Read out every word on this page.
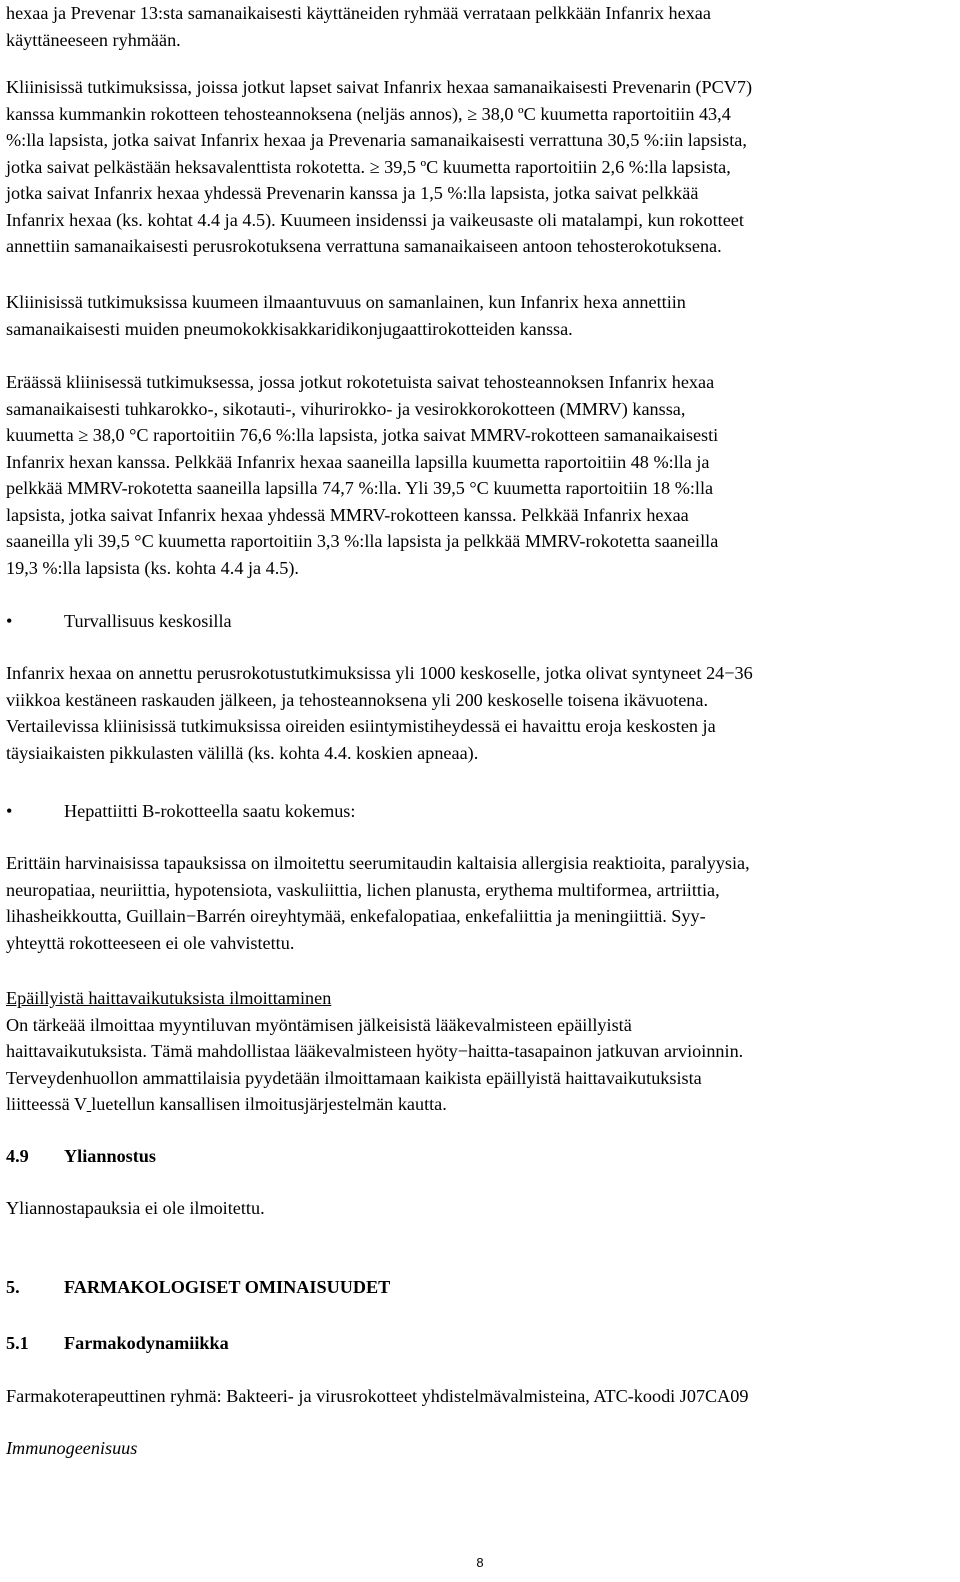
hexaa ja Prevenar 13:sta samanaikaisesti käyttäneiden ryhmää verrataan pelkkään Infanrix hexaa
käyttäneeseen ryhmään.
Kliinisissä tutkimuksissa, joissa jotkut lapset saivat Infanrix hexaa samanaikaisesti Prevenarin (PCV7)
kanssa kummankin rokotteen tehosteannoksena (neljäs annos), ≥ 38,0 ºC kuumetta raportoitiin 43,4
%:lla lapsista, jotka saivat Infanrix hexaa ja Prevenaria samanaikaisesti verrattuna 30,5 %:iin lapsista,
jotka saivat pelkästään heksavalenttista rokotetta. ≥ 39,5 ºC kuumetta raportoitiin 2,6 %:lla lapsista,
jotka saivat Infanrix hexaa yhdessä Prevenarin kanssa ja 1,5 %:lla lapsista, jotka saivat pelkkää
Infanrix hexaa (ks. kohtat 4.4 ja 4.5). Kuumeen insidenssi ja vaikeusaste oli matalampi, kun rokotteet
annettiin samanaikaisesti perusrokotuksena verrattuna samanaikaiseen antoon tehosterokotuksena.
Kliinisissä tutkimuksissa kuumeen ilmaantuvuus on samanlainen, kun Infanrix hexa annettiin
samanaikaisesti muiden pneumokokkisakkaridikonjugaattirokotteiden kanssa.
Eräässä kliinisessä tutkimuksessa, jossa jotkut rokotetuista saivat tehosteannoksen Infanrix hexaa
samanaikaisesti tuhkarokko-, sikotauti-, vihurirokko- ja vesirokkorokotteen (MMRV) kanssa,
kuumetta ≥ 38,0 °C raportoitiin 76,6 %:lla lapsista, jotka saivat MMRV-rokotteen samanaikaisesti
Infanrix hexan kanssa. Pelkkää Infanrix hexaa saaneilla lapsilla kuumetta raportoitiin 48 %:lla ja
pelkkää MMRV-rokotetta saaneilla lapsilla 74,7 %:lla. Yli 39,5 °C kuumetta raportoitiin 18 %:lla
lapsista, jotka saivat Infanrix hexaa yhdessä MMRV-rokotteen kanssa. Pelkkää Infanrix hexaa
saaneilla yli 39,5 °C kuumetta raportoitiin 3,3 %:lla lapsista ja pelkkää MMRV-rokotetta saaneilla
19,3 %:lla lapsista (ks. kohta 4.4 ja 4.5).
•	Turvallisuus keskosilla
Infanrix hexaa on annettu perusrokotustutkimuksissa yli 1000 keskoselle, jotka olivat syntyneet 24−36
viikkoa kestäneen raskauden jälkeen, ja tehosteannoksena yli 200 keskoselle toisena ikävuotena.
Vertailevissa kliinisissä tutkimuksissa oireiden esiintymistiheydessä ei havaittu eroja keskosten ja
täysiaikaisten pikkulasten välillä (ks. kohta 4.4. koskien apneaa).
•	Hepattiitti B-rokotteella saatu kokemus:
Erittäin harvinaisissa tapauksissa on ilmoitettu seerumitaudin kaltaisia allergisia reaktioita, paralyysia,
neuropatiaa, neuriittia, hypotensiota, vaskuliittia, lichen planusta, erythema multiformea, artriittia,
lihasheikkoutta, Guillain−Barrén oireyhtymää, enkefalopatiaa, enkefaliittia ja meningiittiä. Syy-
yhteyttä rokotteeseen ei ole vahvistettu.
Epäillyistä haittavaikutuksista ilmoittaminen
On tärkeää ilmoittaa myyntiluvan myöntämisen jälkeisistä lääkevalmisteen epäillyistä
haittavaikutuksista. Tämä mahdollistaa lääkevalmisteen hyöty−haitta-tasapainon jatkuvan arvioinnin.
Terveydenhuollon ammattilaisia pyydetään ilmoittamaan kaikista epäillyistä haittavaikutuksista
liitteessä V luetellun kansallisen ilmoitusjärjestelmän kautta.
4.9 Yliannostus
Yliannostapauksia ei ole ilmoitettu.
5. FARMAKOLOGISET OMINAISUUDET
5.1 Farmakodynamiikka
Farmakoterapeuttinen ryhmä: Bakteeri- ja virusrokotteet yhdistelmävalmisteina, ATC-koodi J07CA09
Immunogeenisuus
8
